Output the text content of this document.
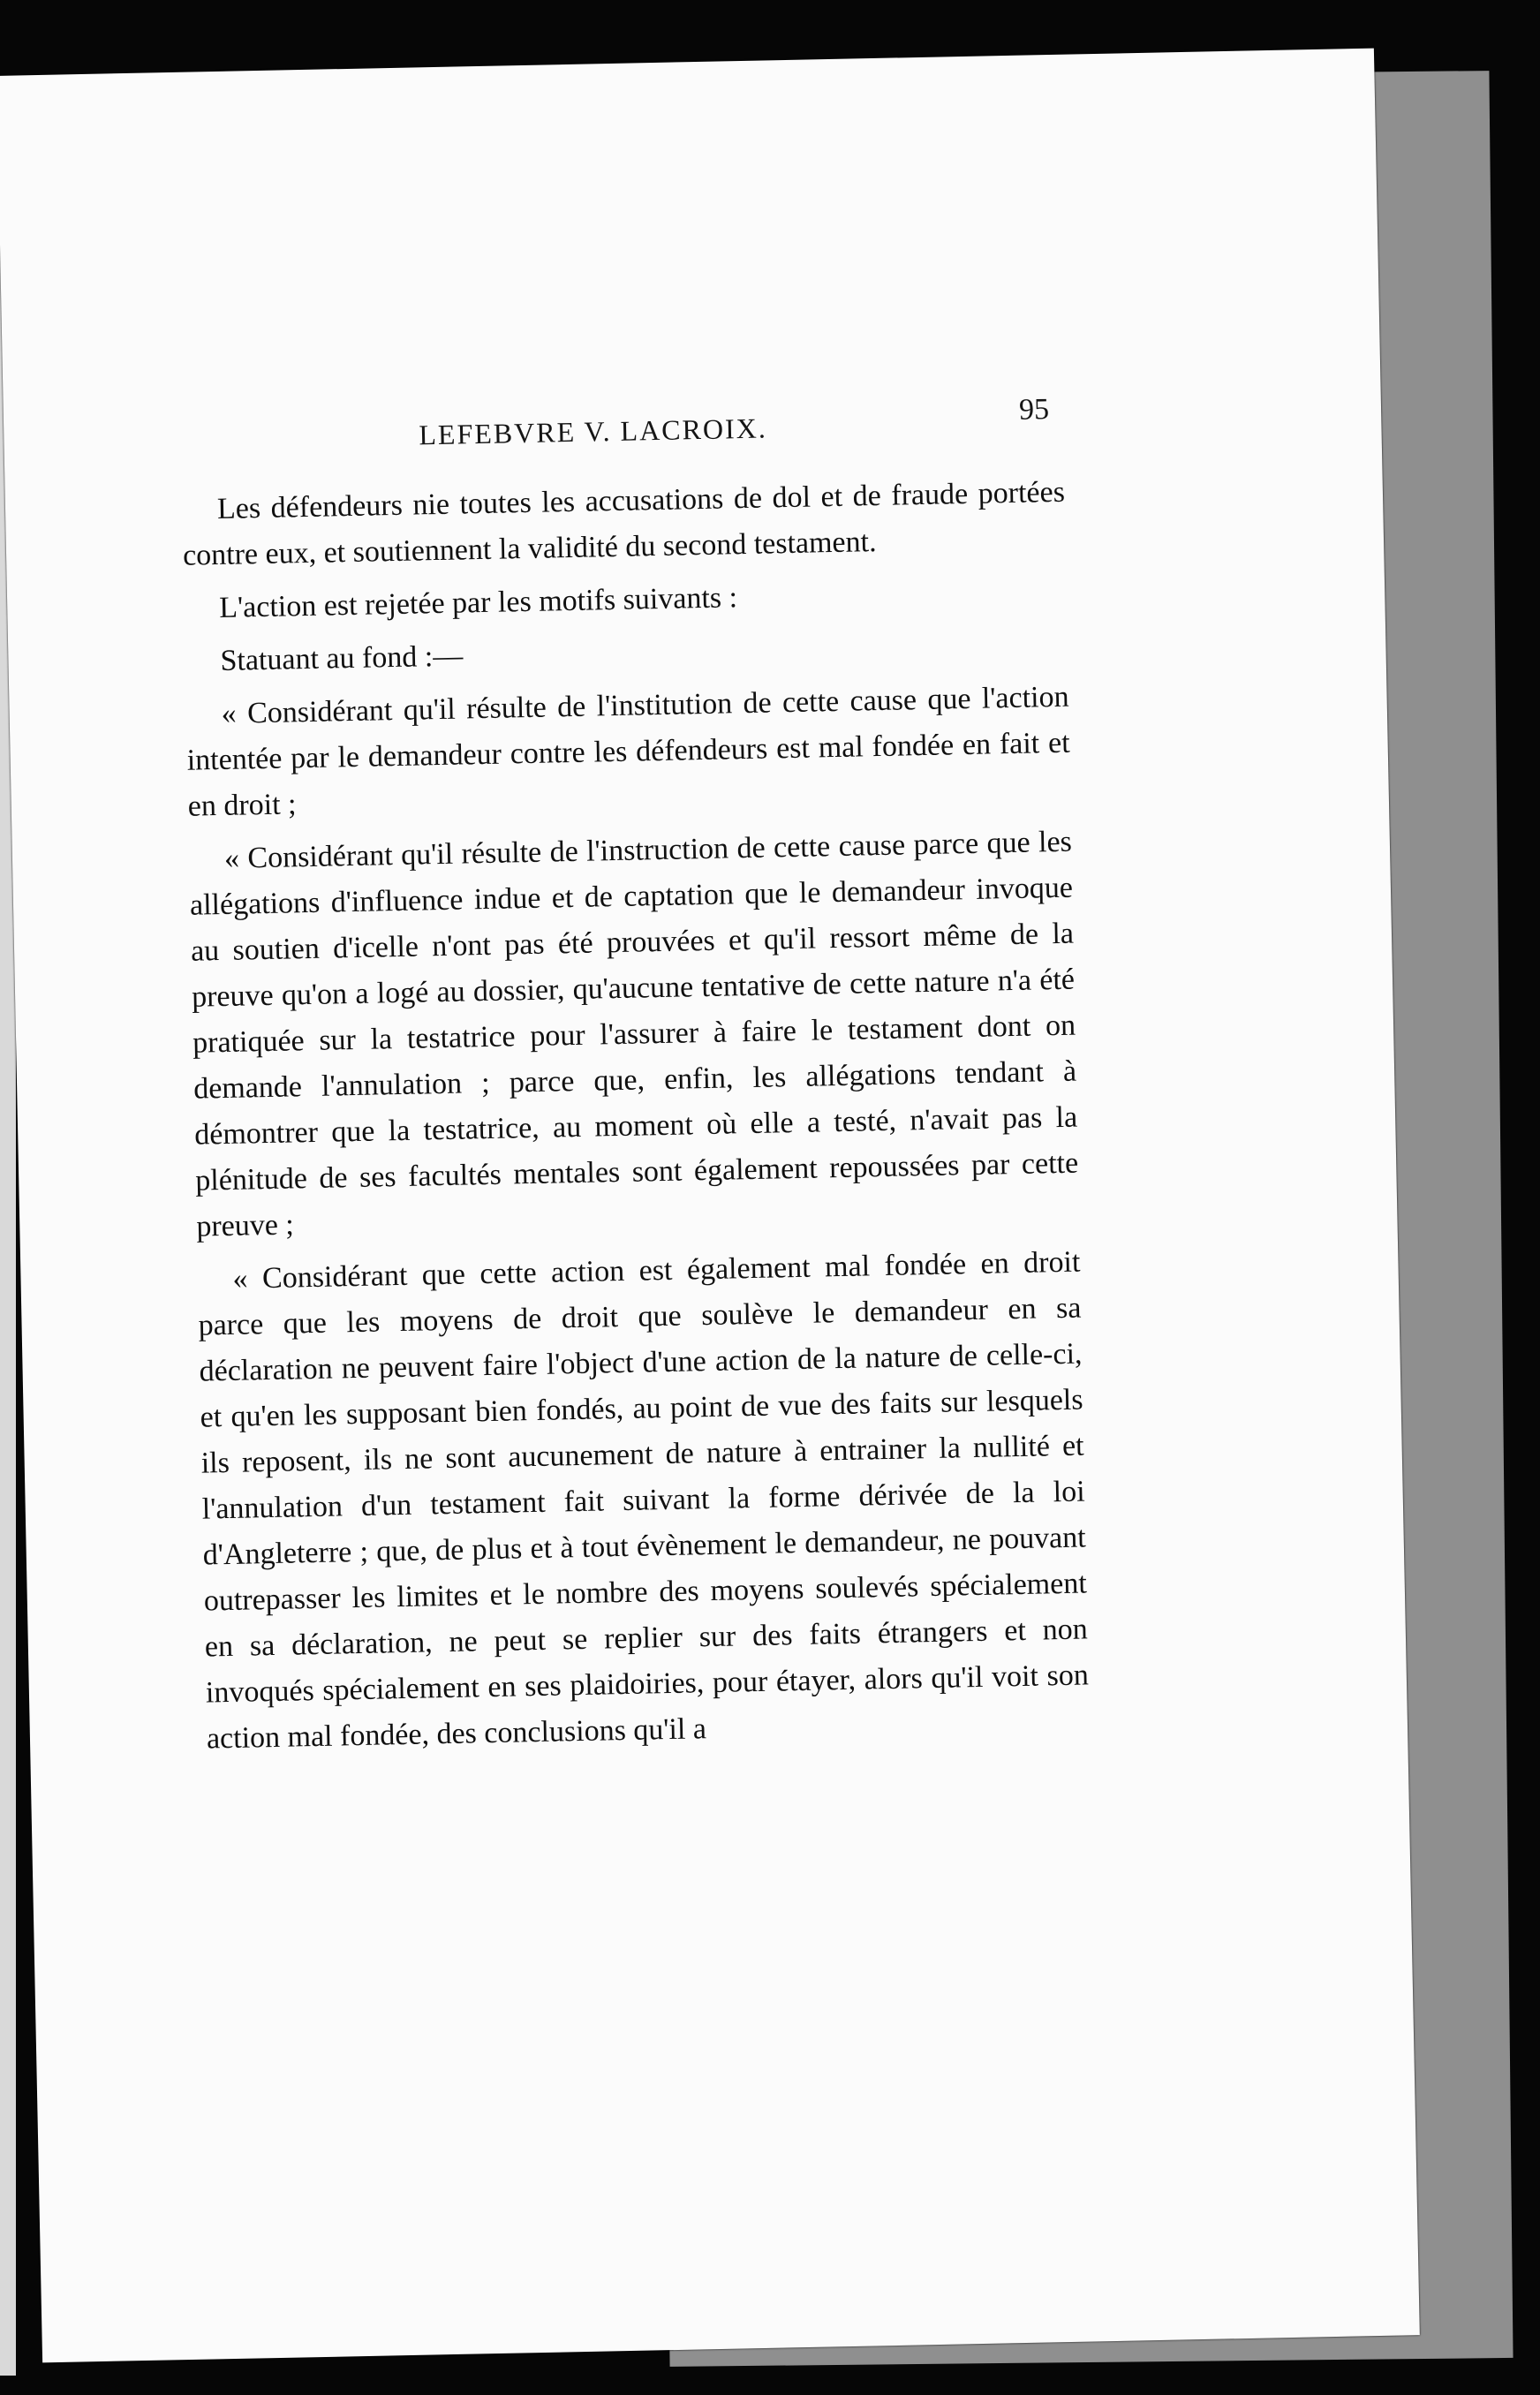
LEFEBVRE V. LACROIX.
95

Les défendeurs nie toutes les accusations de dol et de fraude portées contre eux, et soutiennent la validité du second testament.

L'action est rejetée par les motifs suivants :

Statuant au fond :—

« Considérant qu'il résulte de l'institution de cette cause que l'action intentée par le demandeur contre les défendeurs est mal fondée en fait et en droit ;

« Considérant qu'il résulte de l'instruction de cette cause parce que les allégations d'influence indue et de captation que le demandeur invoque au soutien d'icelle n'ont pas été prouvées et qu'il ressort même de la preuve qu'on a logé au dossier, qu'aucune tentative de cette nature n'a été pratiquée sur la testatrice pour l'assurer à faire le testament dont on demande l'annulation ; parce que, enfin, les allégations tendant à démontrer que la testatrice, au moment où elle a testé, n'avait pas la plénitude de ses facultés mentales sont également repoussées par cette preuve ;

« Considérant que cette action est également mal fondée en droit parce que les moyens de droit que soulève le demandeur en sa déclaration ne peuvent faire l'object d'une action de la nature de celle-ci, et qu'en les supposant bien fondés, au point de vue des faits sur lesquels ils reposent, ils ne sont aucunement de nature à entrainer la nullité et l'annulation d'un testament fait suivant la forme dérivée de la loi d'Angleterre ; que, de plus et à tout évènement le demandeur, ne pouvant outrepasser les limites et le nombre des moyens soulevés spécialement en sa déclaration, ne peut se replier sur des faits étrangers et non invoqués spécialement en ses plaidoiries, pour étayer, alors qu'il voit son action mal fondée, des conclusions qu'il a
